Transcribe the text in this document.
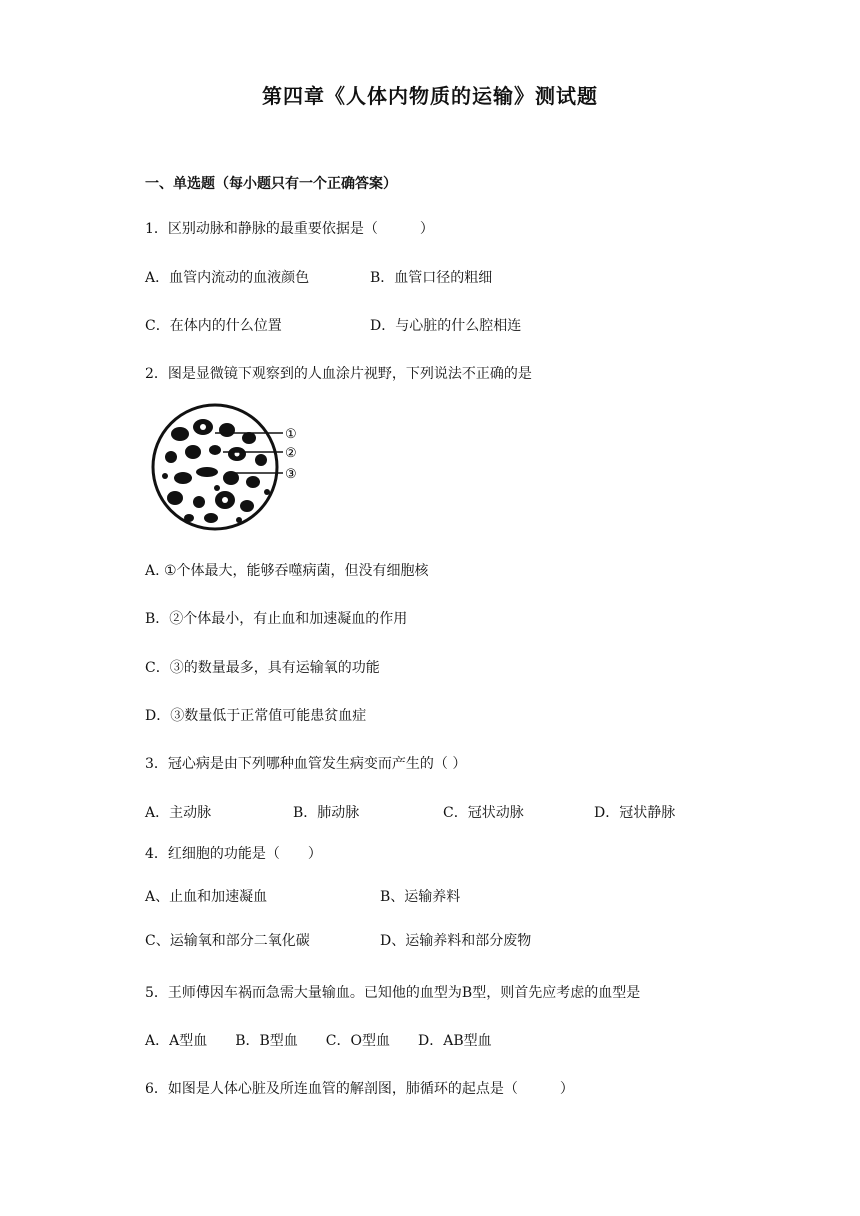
第四章《人体内物质的运输》测试题
一、单选题（每小题只有一个正确答案）
1．区别动脉和静脉的最重要依据是（　　　）
A．血管内流动的血液颜色	B．血管口径的粗细
C．在体内的什么位置	D．与心脏的什么腔相连
2．图是显微镜下观察到的人血涂片视野，下列说法不正确的是
①
②
③
A. ①个体最大，能够吞噬病菌，但没有细胞核
B．②个体最小，有止血和加速凝血的作用
C．③的数量最多，具有运输氧的功能
D．③数量低于正常值可能患贫血症
3．冠心病是由下列哪种血管发生病变而产生的（ ）
A．主动脉	B．肺动脉	C．冠状动脉	D．冠状静脉
4．红细胞的功能是（　　）
A、止血和加速凝血	B、运输养料
C、运输氧和部分二氧化碳	D、运输养料和部分废物
5．王师傅因车祸而急需大量输血。已知他的血型为B型，则首先应考虑的血型是
A．A型血　　B．B型血　　C．O型血　　D．AB型血
6．如图是人体心脏及所连血管的解剖图，肺循环的起点是（　　　）
